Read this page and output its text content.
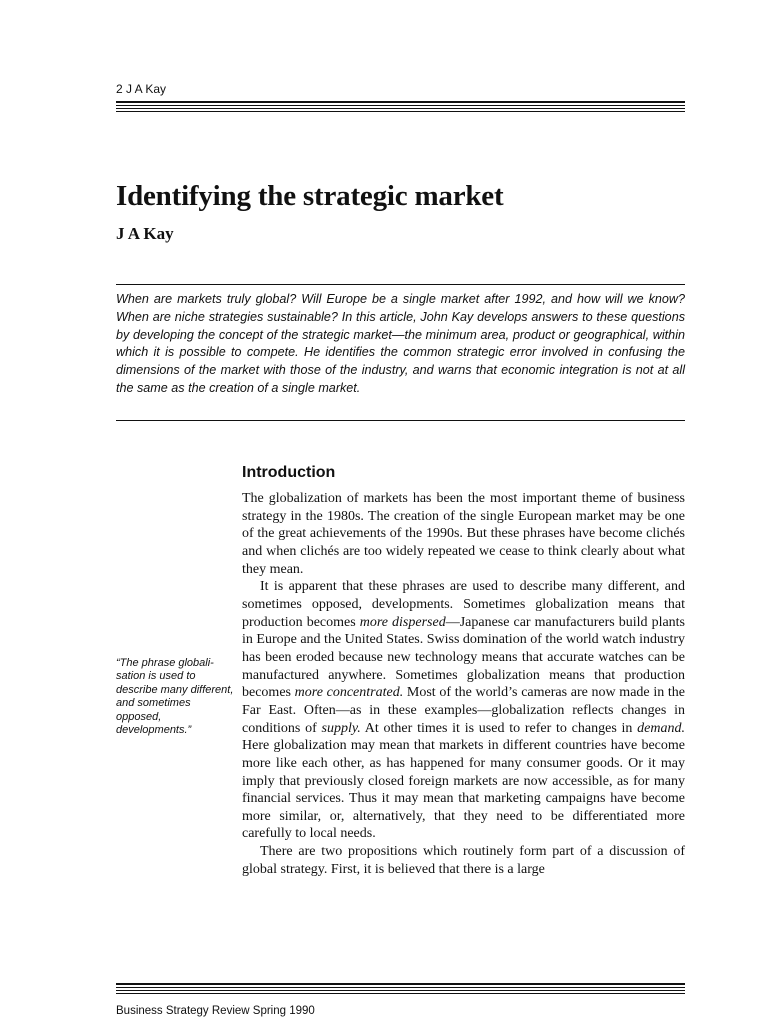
2 J A Kay
Identifying the strategic market
J A Kay

When are markets truly global? Will Europe be a single market after 1992, and how will we know? When are niche strategies sustainable? In this article, John Kay develops answers to these questions by developing the concept of the strategic market—the minimum area, product or geographical, within which it is possible to compete. He identifies the common strategic error involved in confusing the dimensions of the market with those of the industry, and warns that economic integration is not at all the same as the creation of a single market.

Introduction

The globalization of markets has been the most important theme of business strategy in the 1980s. The creation of the single European market may be one of the great achievements of the 1990s. But these phrases have become clichés and when clichés are too widely repeated we cease to think clearly about what they mean.

It is apparent that these phrases are used to describe many different, and sometimes opposed, developments. Sometimes globalization means that production becomes more dispersed—Japanese car manufacturers build plants in Europe and the United States. Swiss domination of the world watch industry has been eroded because new technology means that accurate watches can be manufactured anywhere. Sometimes globalization means that production becomes more concentrated. Most of the world’s cameras are now made in the Far East. Often—as in these examples—globalization reflects changes in conditions of supply. At other times it is used to refer to changes in demand. Here globalization may mean that markets in different countries have become more like each other, as has happened for many consumer goods. Or it may imply that previously closed foreign markets are now accessible, as for many financial services. Thus it may mean that marketing campaigns have become more similar, or, alternatively, that they need to be differentiated more carefully to local needs.

There are two propositions which routinely form part of a discussion of global strategy. First, it is believed that there is a large

“The phrase globali-sation is used to describe many different, and sometimes opposed, developments.”

Business Strategy Review Spring 1990
